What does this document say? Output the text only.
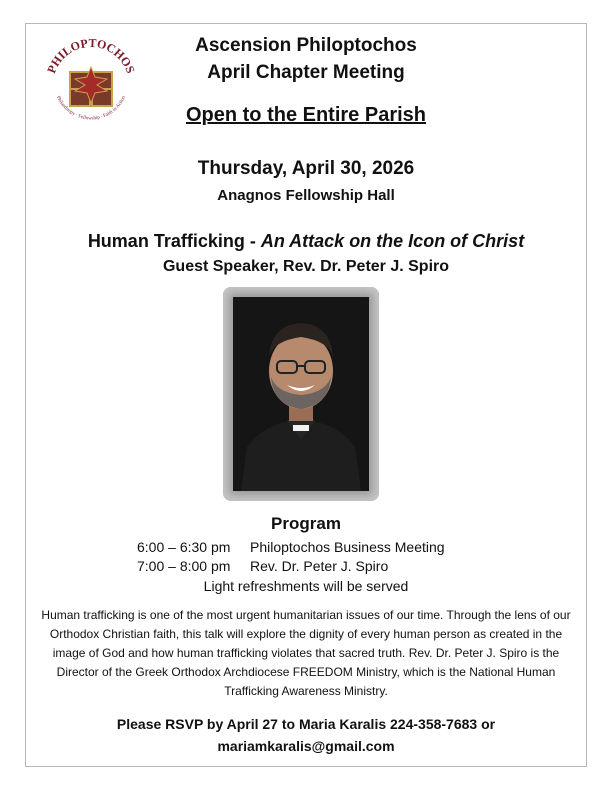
PHILOPTOCHOS
Philanthropy · Fellowship · Faith in Action
Ascension Philoptochos
April Chapter Meeting
Open to the Entire Parish
Thursday, April 30, 2026
Anagnos Fellowship Hall
Human Trafficking - An Attack on the Icon of Christ
Guest Speaker, Rev. Dr. Peter J. Spiro
Program
6:00 – 6:30 pm Philoptochos Business Meeting
7:00 – 8:00 pm Rev. Dr. Peter J. Spiro
Light refreshments will be served
Human trafficking is one of the most urgent humanitarian issues of our time. Through the lens of our Orthodox Christian faith, this talk will explore the dignity of every human person as created in the image of God and how human trafficking violates that sacred truth. Rev. Dr. Peter J. Spiro is the Director of the Greek Orthodox Archdiocese FREEDOM Ministry, which is the National Human Trafficking Awareness Ministry.
Please RSVP by April 27 to Maria Karalis 224-358-7683 or
mariamkaralis@gmail.com
